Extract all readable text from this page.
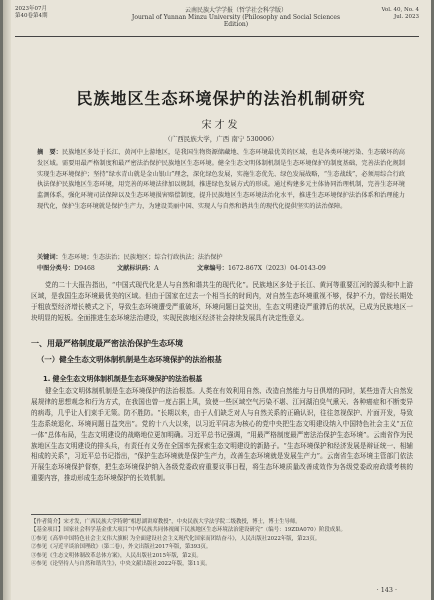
2023年07月
第40卷第4期
云南民族大学学报（哲学社会科学版）
Journal of Yunnan Minzu University (Philosophy and Social Sciences Edition)
Vol. 40, No. 4
Jul. 2023
民族地区生态环境保护的法治机制研究
宋才发
（广西民族大学，广西 南宁 530006）
摘　要：民族地区多处于长江、黄河中上游地区，是我国生物资源储藏地、生态环境最优美的区域，也是各类环境污染、生态破坏的高发区域。需要用最严格制度和最严密法治保护民族地区生态环境。健全生态文明体制机制是生态环境保护的制度基础，完善法治化规制实现生态环境保护；坚持“绿水青山就是金山银山”理念，深化绿色发展，实施生态优先、绿色发展战略，“生态战线”，必须用综合行政执法保护民族地区生态环境，用完善的环境法律加以规制，推进绿色发展方式的形成。通过构建多元主体协同治理机制，完善生态环境监测体系，强化环境司法保障以及生态环境损害赔偿制度，提升民族地区生态环境法治化水平，推进生态环境保护法治体系和治理能力现代化，保护生态环境就是保护生产力，为建设美丽中国、实现人与自然和谐共生的现代化提供坚实的法治保障。
关键词：生态环境；生态法治；民族地区；综合行政执法；法治保护
中图分类号：D9468	文献标识码：A	文章编号：1672-867X（2023）04-0143-09
党的二十大报告指出，“中国式现代化是人与自然和谐共生的现代化”。民族地区多处于长江、黄河等重要江河的源头和中上游区域，是我国生态环境最优美的区域。但由于国家在过去一个相当长的时间内，对自然生态环境重视不够，保护不力，曾经长期处于粗放型经济增长模式之下，导致生态环境遭受严重破坏，环境问题日益突出，生态文明建设严重滞后的状况，已成为民族地区一块明显的短板。全面推进生态环境法治建设，实现民族地区经济社会持续发展具有决定性意义。
一、用最严格制度最严密法治保护生态环境
（一）健全生态文明体制机制是生态环境保护的法治根基
1. 健全生态文明体制机制是生态环境保护的法治根基
健全生态文明体制机制是生态环境保护的法治根基。人类在有效利用自然、改造自然能力与日俱增的同时，某些违背大自然发展规律的思想观念和行为方式，在我国也曾一度占据上风，致使一些区域空气污染不堪、江河湖泊臭气熏天、各种癌症和不断变异的病毒，几乎让人们束手无策。防不胜防。“长期以来，由于人们缺乏对人与自然关系的正确认识，往往忽视保护、片面开发，导致生态系统退化、环境问题日益突出”。党的十八大以来，以习近平同志为核心的党中央把生态文明建设纳入中国特色社会主义“五位一体”总体布局，生态文明建设的战略地位更加明确。习近平总书记强调，“用最严格制度最严密法治保护生态环境”。云南省作为民族地区生态文明建设的排头兵，有责任有义务在全国率先探索生态文明建设的新路子。“生态环境保护和经济发展是辩证统一、相辅相成的关系”，习近平总书记指出，“保护生态环境就是保护生产力，改善生态环境就是发展生产力”。云南省生态环境主管部门依法开展生态环境保护督察，把生态环境保护纳入各级党委政府重要议事日程，将生态环境质量改善成效作为各级党委政府政绩考核的重要内容，推动形成生态环境保护的长效机制。
【作者简介】宋才发，广西民族大学特聘“相思湖讲席教授”，中央民族大学法学院二级教授，博士，博士生导师。
【基金项目】国家社会科学基金重大项目“中华民族共同体视阈下民族地区生态环境法治建设研究”（编号：19ZDA070）阶段成果。
①参见《高举中国特色社会主义伟大旗帜 为全面建设社会主义现代化国家而团结奋斗》，人民出版社2022年版，第23页。
②参见《习近平谈治国理政》（第二卷），外文出版社2017年版，第393页。
③参见《生态文明体制改革总体方案》，人民出版社2015年版，第2页。
④参见《论坚持人与自然和谐共生》，中央文献出版社2022年版，第11页。
· 143 ·
